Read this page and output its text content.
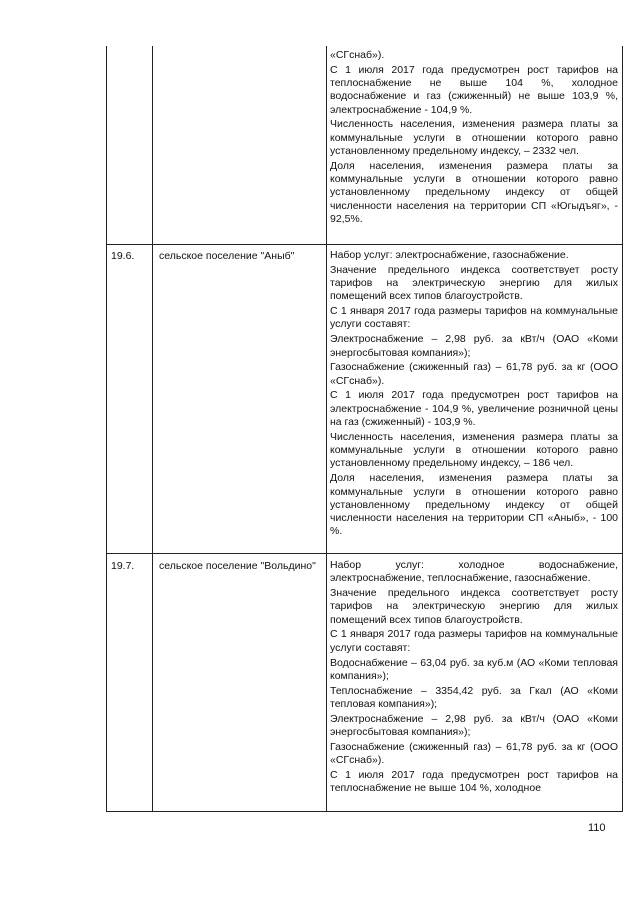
«СГснаб»).

С 1 июля 2017 года предусмотрен рост тарифов на теплоснабжение не выше 104 %, холодное водоснабжение и газ (сжиженный) не выше 103,9 %, электроснабжение - 104,9 %.

Численность населения, изменения размера платы за коммунальные услуги в отношении которого равно установленному предельному индексу, – 2332 чел.

Доля населения, изменения размера платы за коммунальные услуги в отношении которого равно установленному предельному индексу от общей численности населения на территории СП «Югыдъяг», - 92,5%.

19.6. сельское поселение "Аныб"	Набор услуг: электроснабжение, газоснабжение.

Значение предельного индекса соответствует росту тарифов на электрическую энергию для жилых помещений всех типов благоустройств.

С 1 января 2017 года размеры тарифов на коммунальные услуги составят:

Электроснабжение – 2,98 руб. за кВт/ч (ОАО «Коми энергосбытовая компания»);

Газоснабжение (сжиженный газ) – 61,78 руб. за кг (ООО «СГснаб»).

С 1 июля 2017 года предусмотрен рост тарифов на электроснабжение - 104,9 %, увеличение розничной цены на газ (сжиженный) - 103,9 %.

Численность населения, изменения размера платы за коммунальные услуги в отношении которого равно установленному предельному индексу, – 186 чел.

Доля населения, изменения размера платы за коммунальные услуги в отношении которого равно установленному предельному индексу от общей численности населения на территории СП «Аныб», - 100 %.

19.7. сельское поселение "Вольдино" Набор услуг: холодное водоснабжение, электроснабжение, теплоснабжение, газоснабжение.

Значение предельного индекса соответствует росту тарифов на электрическую энергию для жилых помещений всех типов благоустройств.

С 1 января 2017 года размеры тарифов на коммунальные услуги составят:

Водоснабжение – 63,04 руб. за куб.м (АО «Коми тепловая компания»);

Теплоснабжение – 3354,42 руб. за Гкал (АО «Коми тепловая компания»);

Электроснабжение – 2,98 руб. за кВт/ч (ОАО «Коми энергосбытовая компания»);

Газоснабжение (сжиженный газ) – 61,78 руб. за кг (ООО «СГснаб»).

С 1 июля 2017 года предусмотрен рост тарифов на теплоснабжение не выше 104 %, холодное

110
